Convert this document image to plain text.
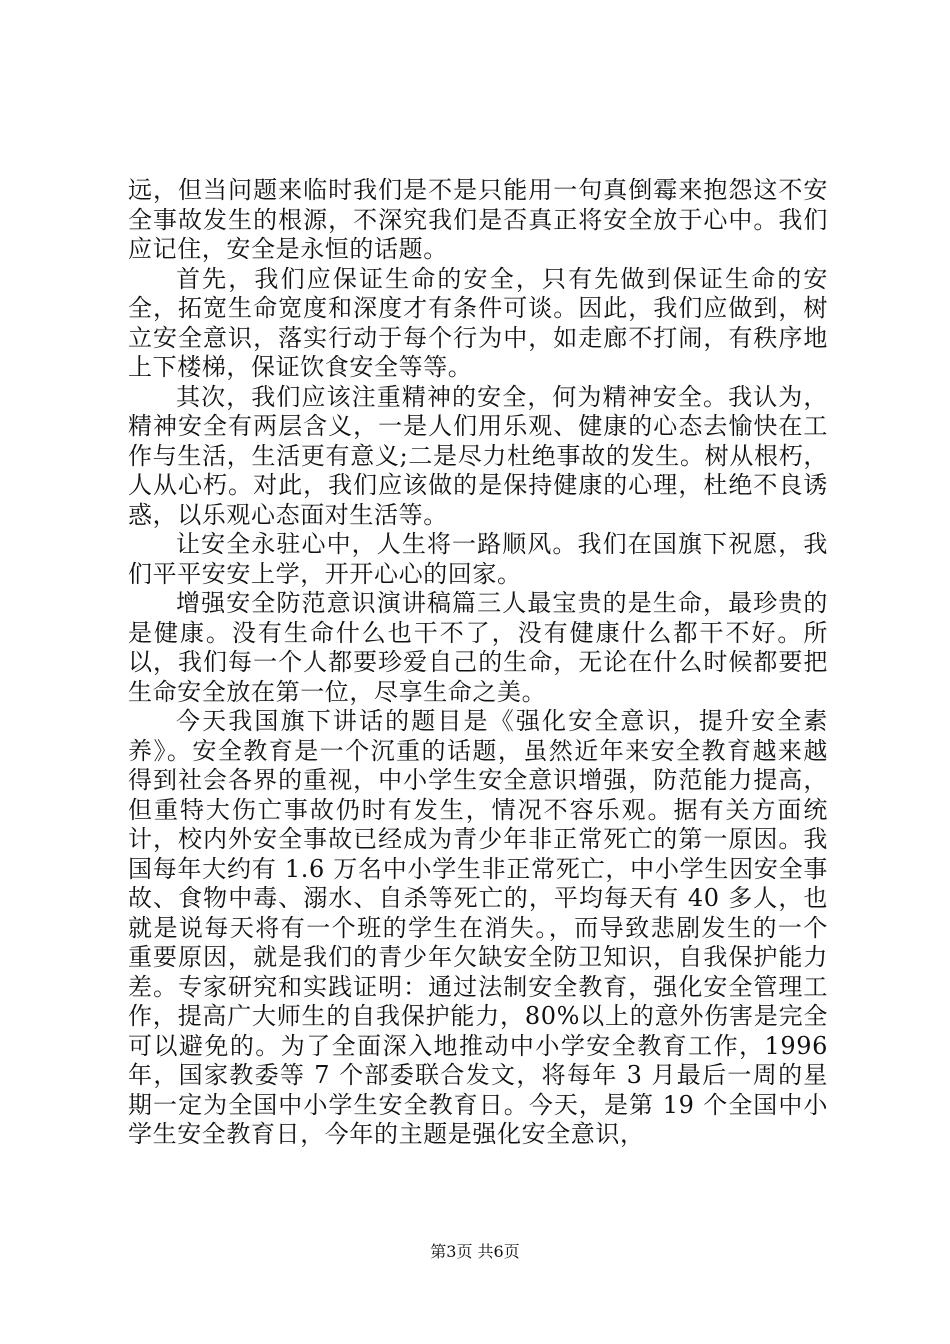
远，但当问题来临时我们是不是只能用一句真倒霉来抱怨这不安全事故发生的根源，不深究我们是否真正将安全放于心中。我们应记住，安全是永恒的话题。

首先，我们应保证生命的安全，只有先做到保证生命的安全，拓宽生命宽度和深度才有条件可谈。因此，我们应做到，树立安全意识，落实行动于每个行为中，如走廊不打闹，有秩序地上下楼梯，保证饮食安全等等。

其次，我们应该注重精神的安全，何为精神安全。我认为，精神安全有两层含义，一是人们用乐观、健康的心态去愉快在工作与生活，生活更有意义;二是尽力杜绝事故的发生。树从根朽，人从心朽。对此，我们应该做的是保持健康的心理，杜绝不良诱惑，以乐观心态面对生活等。

让安全永驻心中，人生将一路顺风。我们在国旗下祝愿，我们平平安安上学，开开心心的回家。

增强安全防范意识演讲稿篇三人最宝贵的是生命，最珍贵的是健康。没有生命什么也干不了，没有健康什么都干不好。所以，我们每一个人都要珍爱自己的生命，无论在什么时候都要把生命安全放在第一位，尽享生命之美。

今天我国旗下讲话的题目是《强化安全意识，提升安全素养》。安全教育是一个沉重的话题，虽然近年来安全教育越来越得到社会各界的重视，中小学生安全意识增强，防范能力提高，但重特大伤亡事故仍时有发生，情况不容乐观。据有关方面统计，校内外安全事故已经成为青少年非正常死亡的第一原因。我国每年大约有 1.6 万名中小学生非正常死亡，中小学生因安全事故、食物中毒、溺水、自杀等死亡的，平均每天有 40 多人，也就是说每天将有一个班的学生在消失。，而导致悲剧发生的一个重要原因，就是我们的青少年欠缺安全防卫知识，自我保护能力差。专家研究和实践证明：通过法制安全教育，强化安全管理工作，提高广大师生的自我保护能力，80%以上的意外伤害是完全可以避免的。为了全面深入地推动中小学安全教育工作，1996 年，国家教委等 7 个部委联合发文，将每年 3 月最后一周的星期一定为全国中小学生安全教育日。今天，是第 19 个全国中小学生安全教育日，今年的主题是强化安全意识，

第3页 共6页
